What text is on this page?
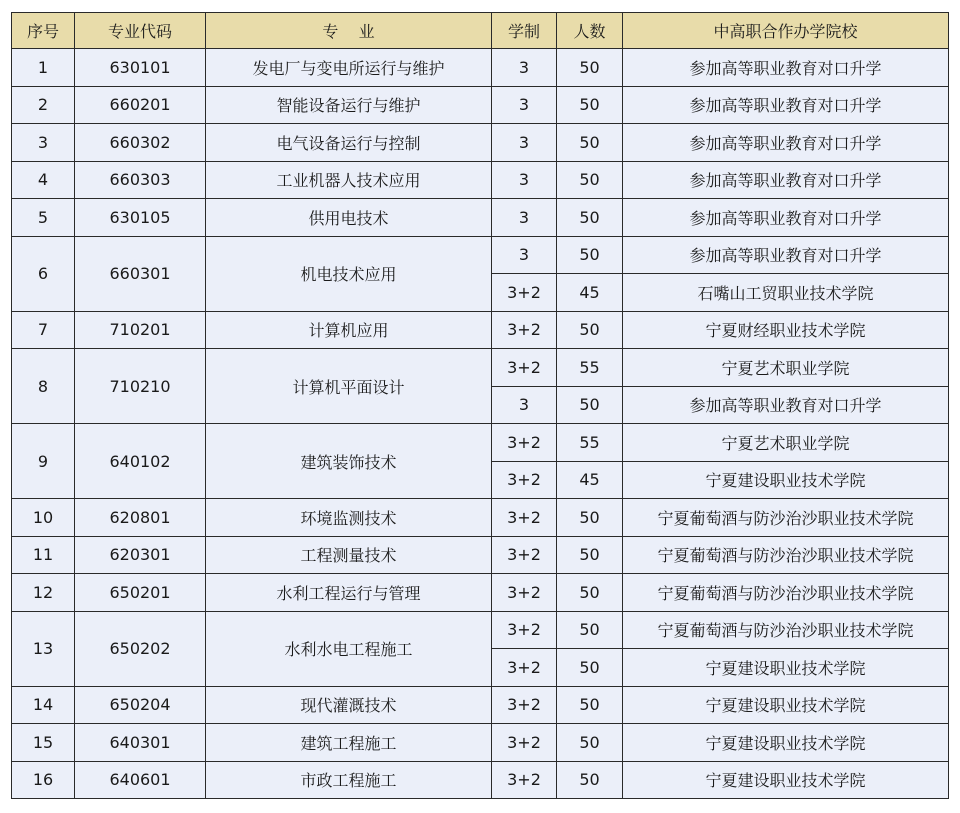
序号	专业代码	专    业	学制	人数	中高职合作办学院校
1	630101	发电厂与变电所运行与维护	3	50	参加高等职业教育对口升学
2	660201	智能设备运行与维护	3	50	参加高等职业教育对口升学
3	660302	电气设备运行与控制	3	50	参加高等职业教育对口升学
4	660303	工业机器人技术应用	3	50	参加高等职业教育对口升学
5	630105	供用电技术	3	50	参加高等职业教育对口升学
6	660301	机电技术应用	3	50	参加高等职业教育对口升学
			3+2	45	石嘴山工贸职业技术学院
7	710201	计算机应用	3+2	50	宁夏财经职业技术学院
8	710210	计算机平面设计	3+2	55	宁夏艺术职业学院
			3	50	参加高等职业教育对口升学
9	640102	建筑装饰技术	3+2	55	宁夏艺术职业学院
			3+2	45	宁夏建设职业技术学院
10	620801	环境监测技术	3+2	50	宁夏葡萄酒与防沙治沙职业技术学院
11	620301	工程测量技术	3+2	50	宁夏葡萄酒与防沙治沙职业技术学院
12	650201	水利工程运行与管理	3+2	50	宁夏葡萄酒与防沙治沙职业技术学院
13	650202	水利水电工程施工	3+2	50	宁夏葡萄酒与防沙治沙职业技术学院
			3+2	50	宁夏建设职业技术学院
14	650204	现代灌溉技术	3+2	50	宁夏建设职业技术学院
15	640301	建筑工程施工	3+2	50	宁夏建设职业技术学院
16	640601	市政工程施工	3+2	50	宁夏建设职业技术学院
